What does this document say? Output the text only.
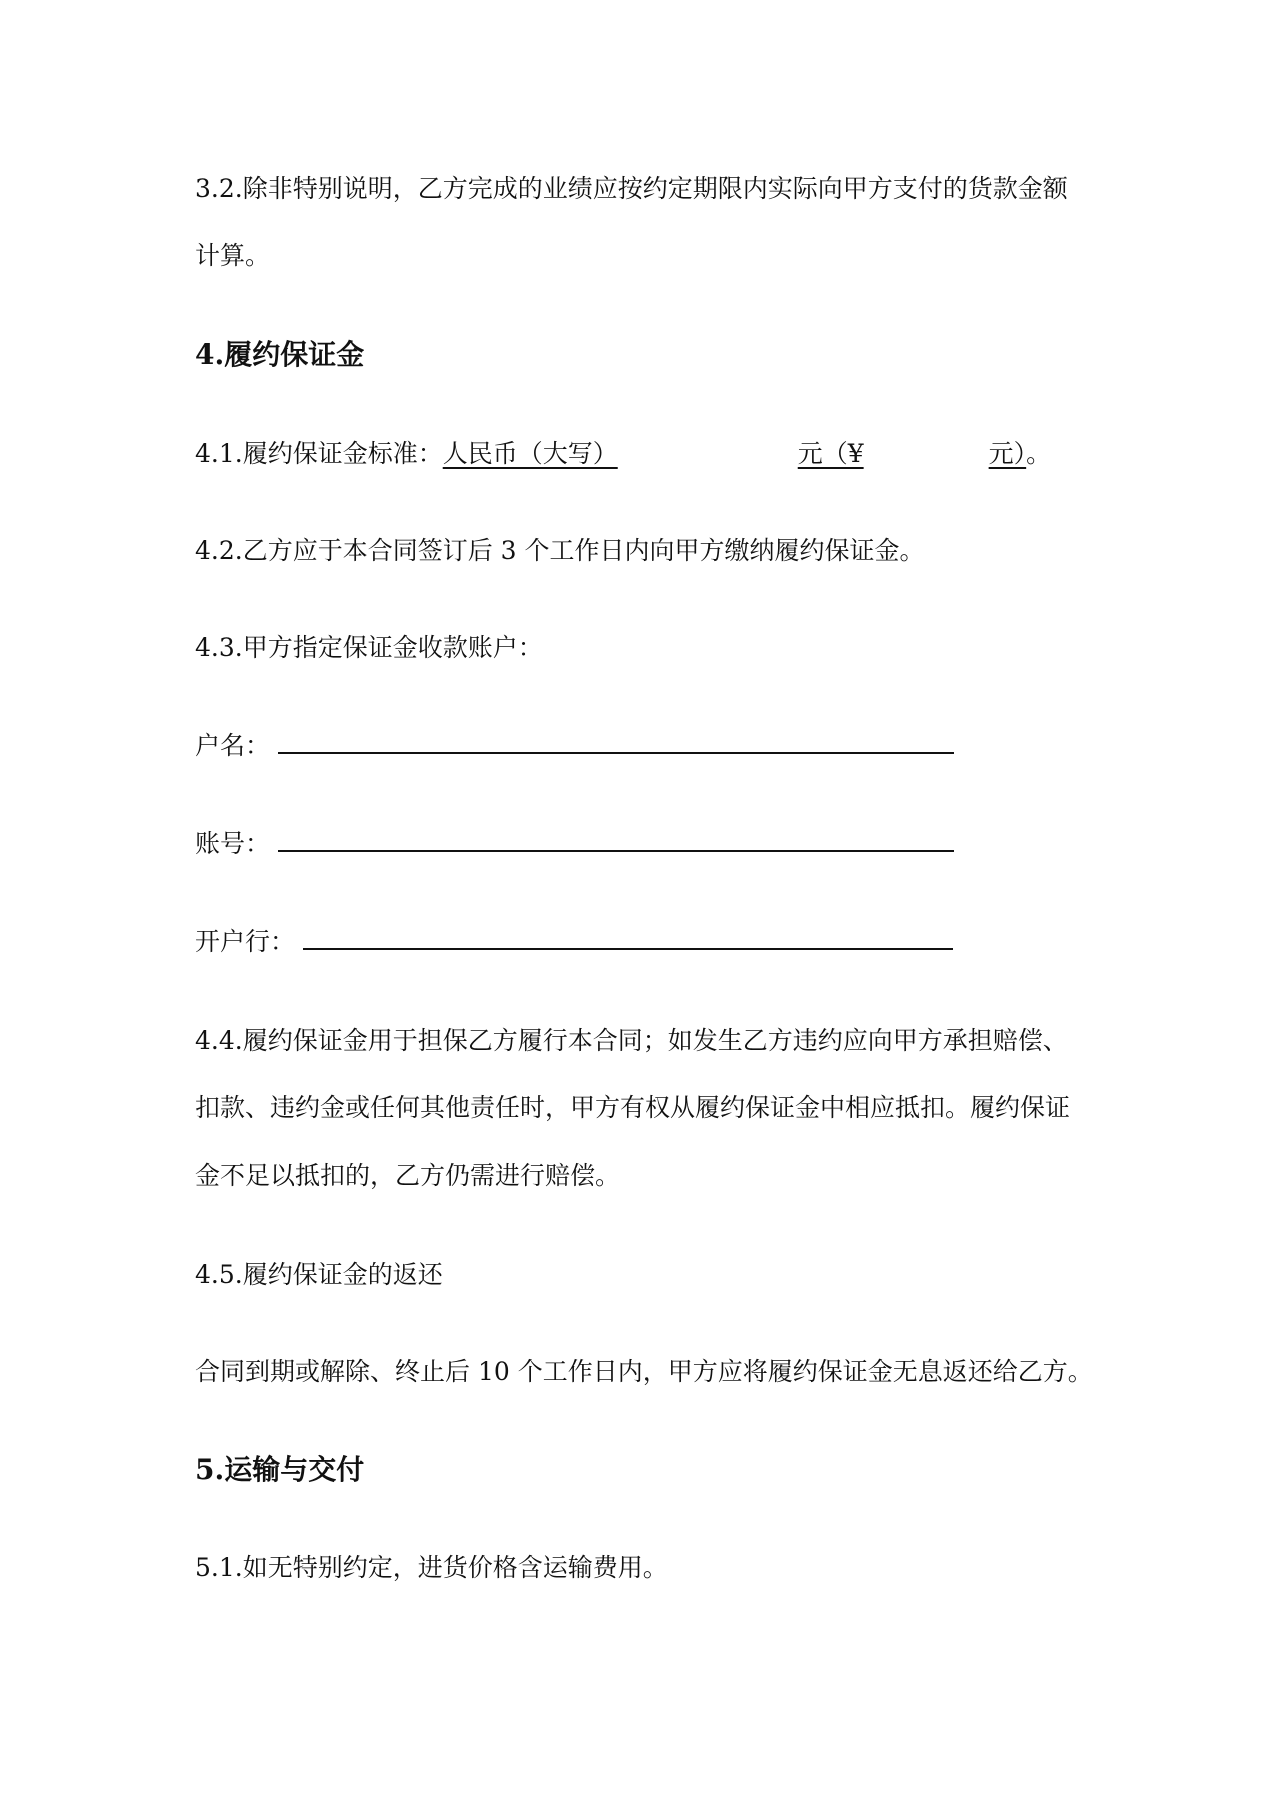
3.2.除非特别说明，乙方完成的业绩应按约定期限内实际向甲方支付的货款金额
计算。
4.履约保证金
4.1.履约保证金标准：人民币（大写）	元（¥	元）。
4.2.乙方应于本合同签订后 3 个工作日内向甲方缴纳履约保证金。
4.3.甲方指定保证金收款账户：
户名：
账号：
开户行：
4.4.履约保证金用于担保乙方履行本合同；如发生乙方违约应向甲方承担赔偿、
扣款、违约金或任何其他责任时，甲方有权从履约保证金中相应抵扣。履约保证
金不足以抵扣的，乙方仍需进行赔偿。
4.5.履约保证金的返还
合同到期或解除、终止后 10 个工作日内，甲方应将履约保证金无息返还给乙方。
5.运输与交付
5.1.如无特别约定，进货价格含运输费用。
